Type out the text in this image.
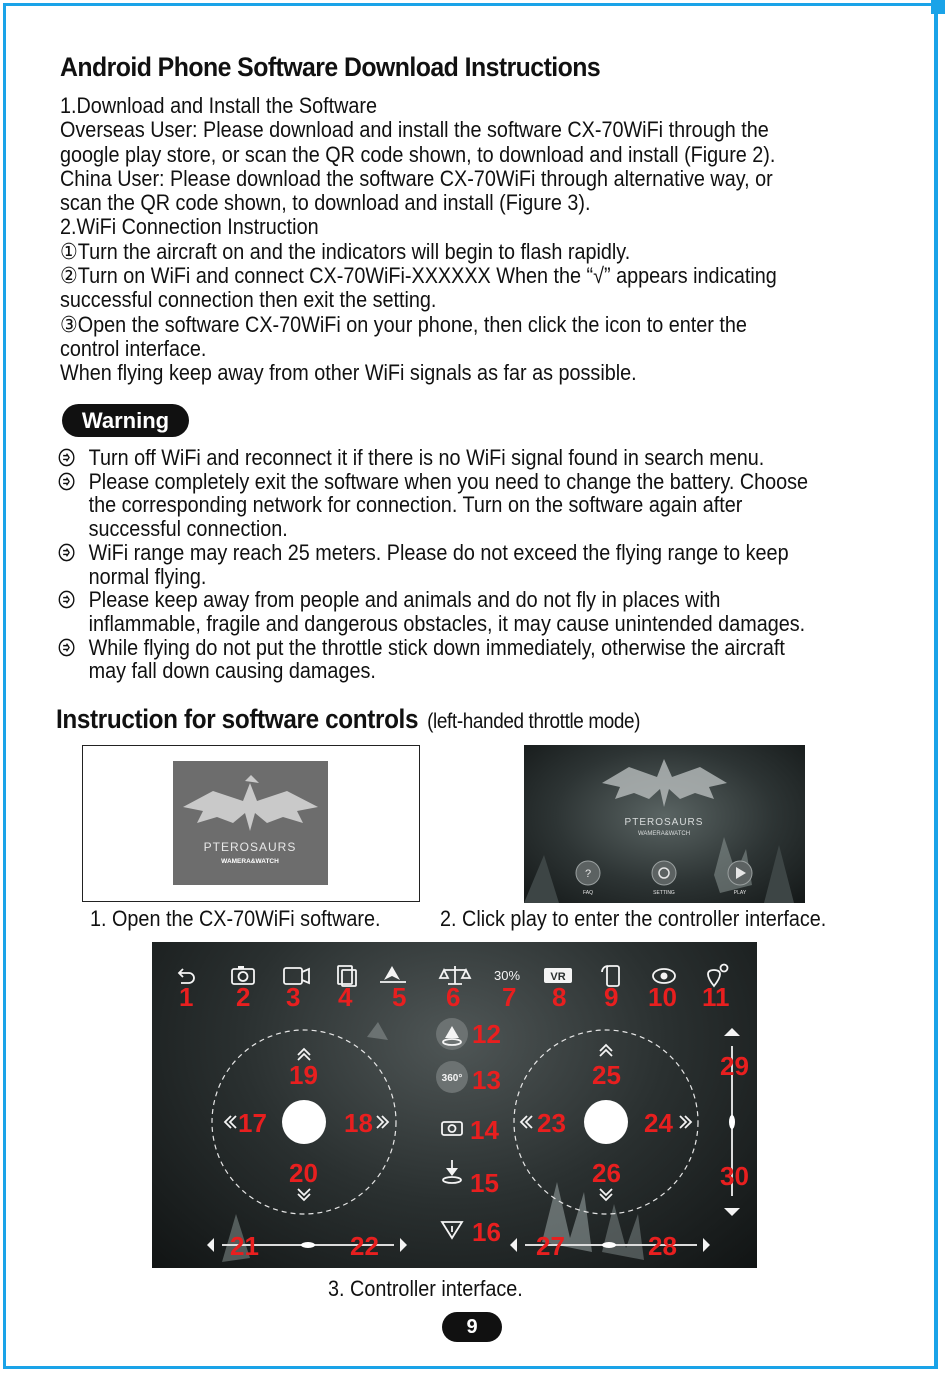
Android Phone Software Download Instructions
1.Download and Install the Software
Overseas User: Please download and install the software CX-70WiFi through the
google play store, or scan the QR code shown, to download and install (Figure 2).
China User: Please download the software CX-70WiFi through alternative way, or
scan the QR code shown, to download and install (Figure 3).
2.WiFi Connection Instruction
①Turn the aircraft on and the indicators will begin to flash rapidly.
②Turn on WiFi and connect CX-70WiFi-XXXXXX When the “√” appears indicating
successful connection then exit the setting.
③Open the software CX-70WiFi on your phone, then click the icon to enter the
control interface.
When flying keep away from other WiFi signals as far as possible.
Warning
Turn off WiFi and reconnect it if there is no WiFi signal found in search menu.
Please completely exit the software when you need to change the battery. Choose
the corresponding network for connection. Turn on the software again after
successful connection.
WiFi range may reach 25 meters. Please do not exceed the flying range to keep
normal flying.
Please keep away from people and animals and do not fly in places with
inflammable, fragile and dangerous obstacles, it may cause unintended damages.
While flying do not put the throttle stick down immediately, otherwise the aircraft
may fall down causing damages.
Instruction for software controls (left-handed throttle mode)
PTEROSAURS
WAMERA&WATCH
PTEROSAURS
WAMERA&WATCH
?
FAQ	SETTING	PLAY
1. Open the CX-70WiFi software.	2. Click play to enter the controller interface.
30%	VR
360°
1 2 3 4 5 6 7 8 9 10 11
12
13
14
15
16
17	18
19
20
21	22
23	24
25
26
27	28
29
30
3. Controller interface.
9
